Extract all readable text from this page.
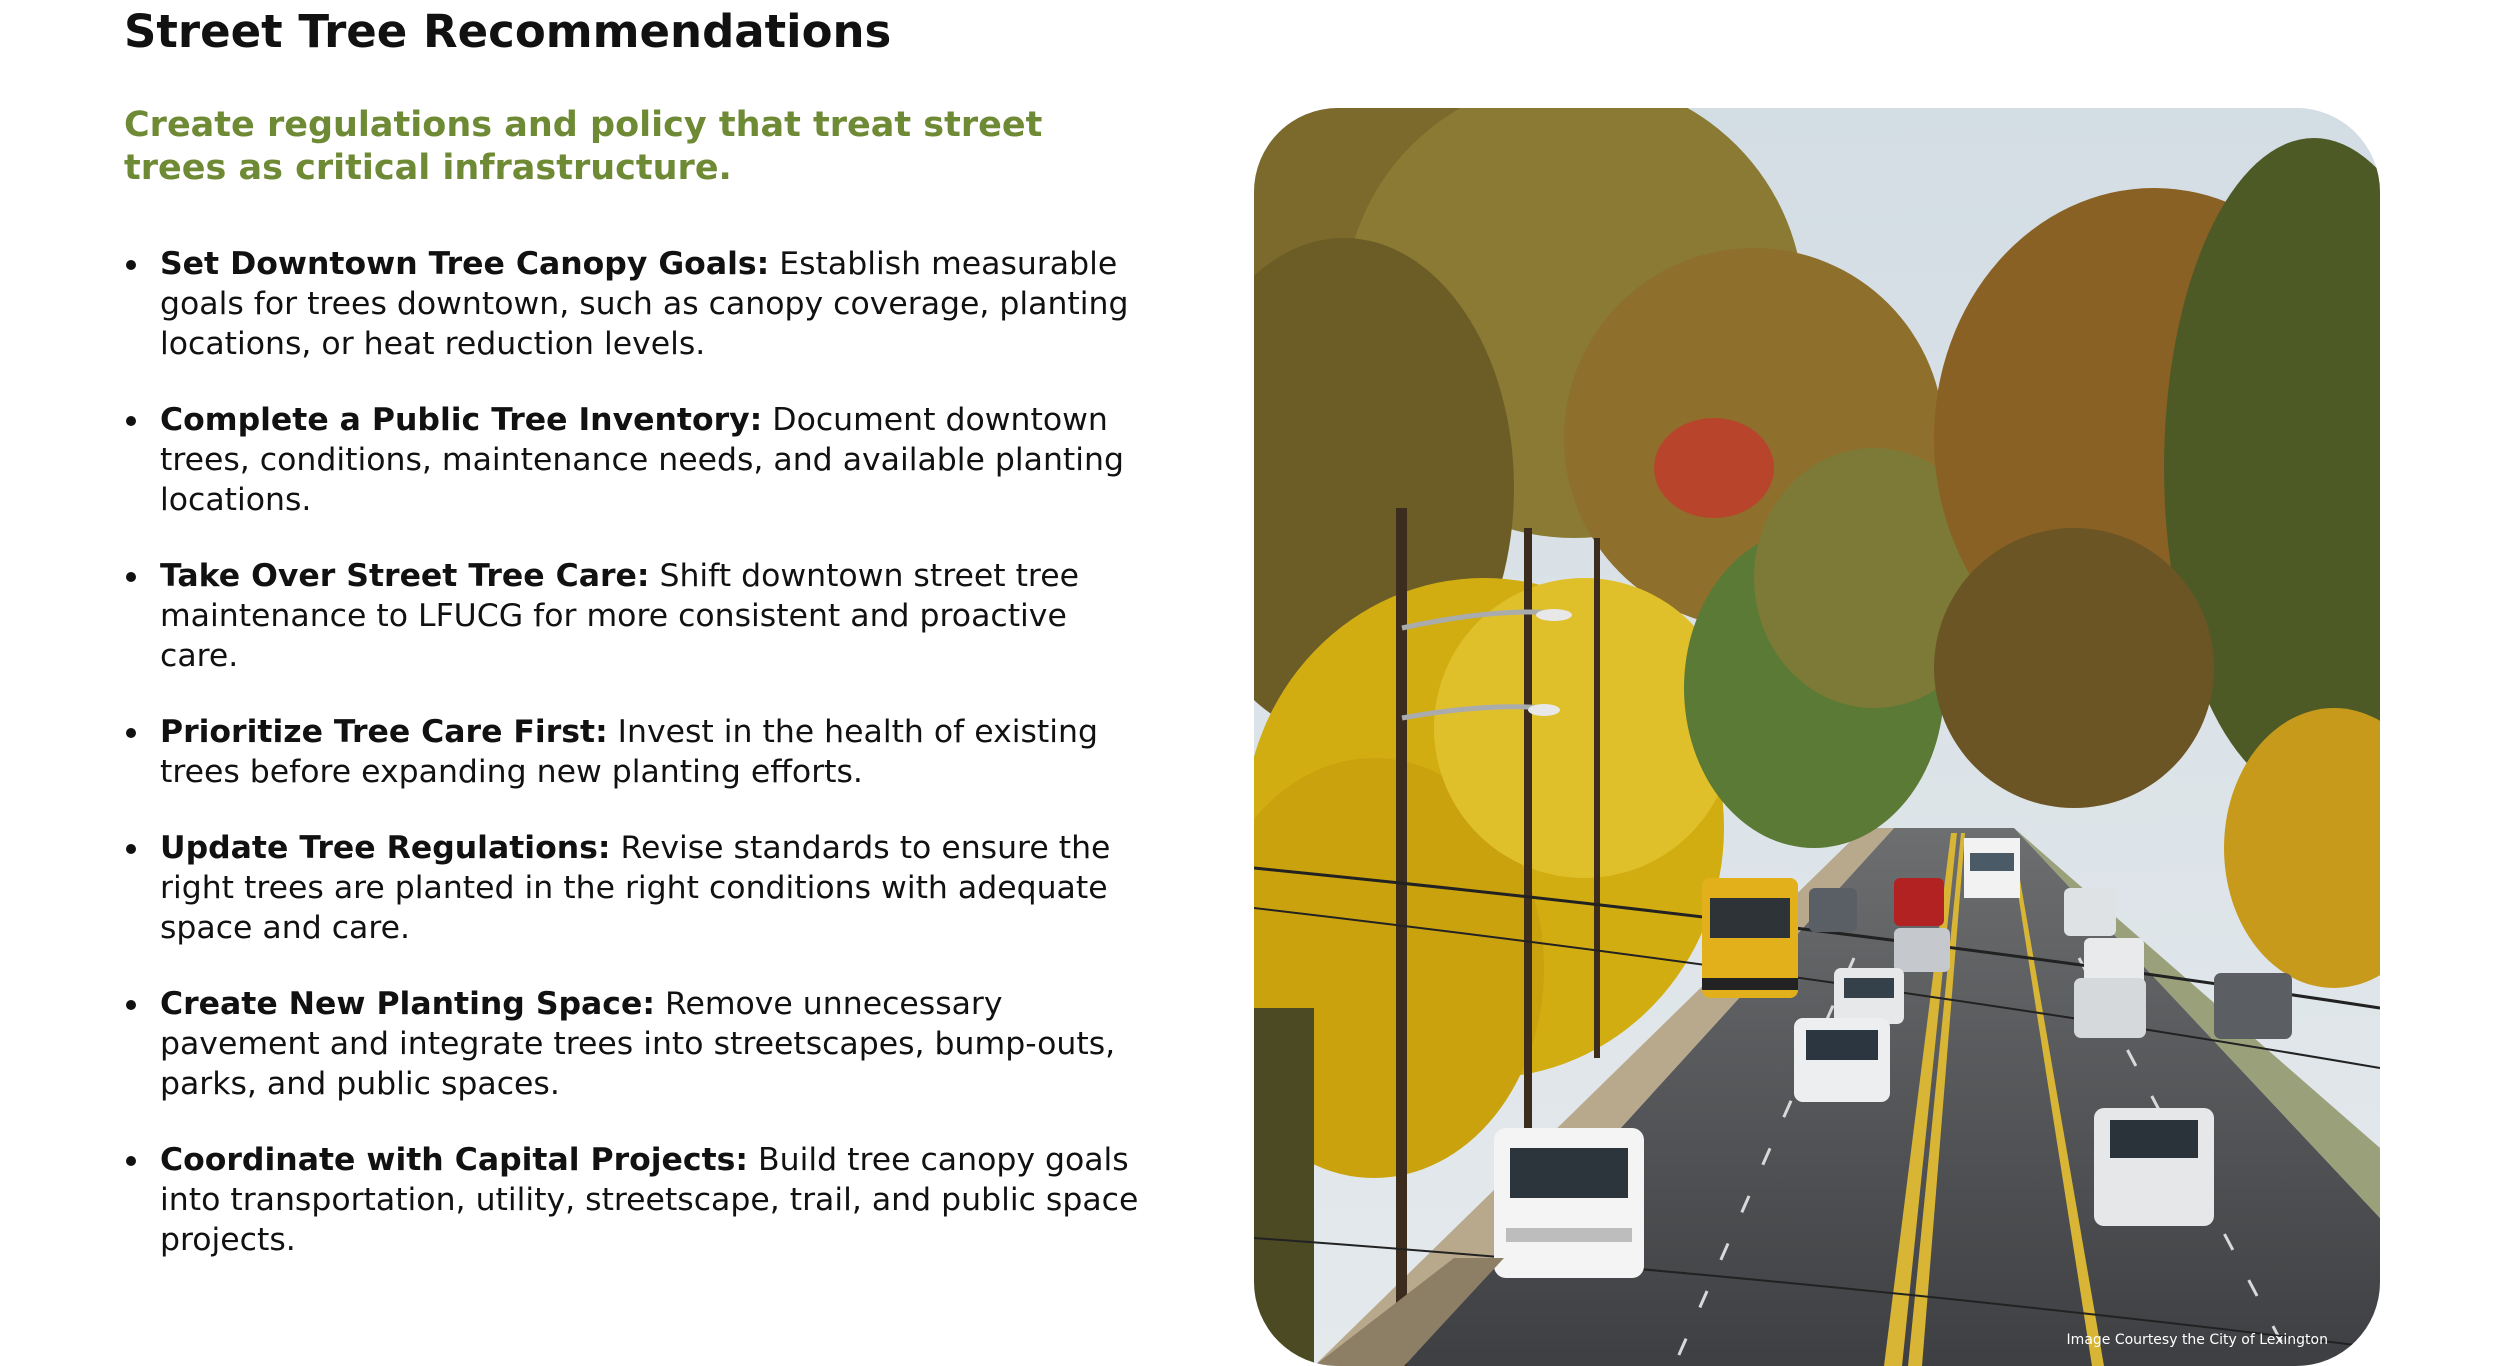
Street Tree Recommendations
Create regulations and policy that treat street trees as critical infrastructure.
Set Downtown Tree Canopy Goals: Establish measurable goals for trees downtown, such as canopy coverage, planting locations, or heat reduction levels.
Complete a Public Tree Inventory: Document downtown trees, conditions, maintenance needs, and available planting locations.
Take Over Street Tree Care: Shift downtown street tree maintenance to LFUCG for more consistent and proactive care.
Prioritize Tree Care First: Invest in the health of existing trees before expanding new planting efforts.
Update Tree Regulations: Revise standards to ensure the right trees are planted in the right conditions with adequate space and care.
Create New Planting Space: Remove unnecessary pavement and integrate trees into streetscapes, bump-outs, parks, and public spaces.
Coordinate with Capital Projects: Build tree canopy goals into transportation, utility, streetscape, trail, and public space projects.
Image Courtesy the City of Lexington
